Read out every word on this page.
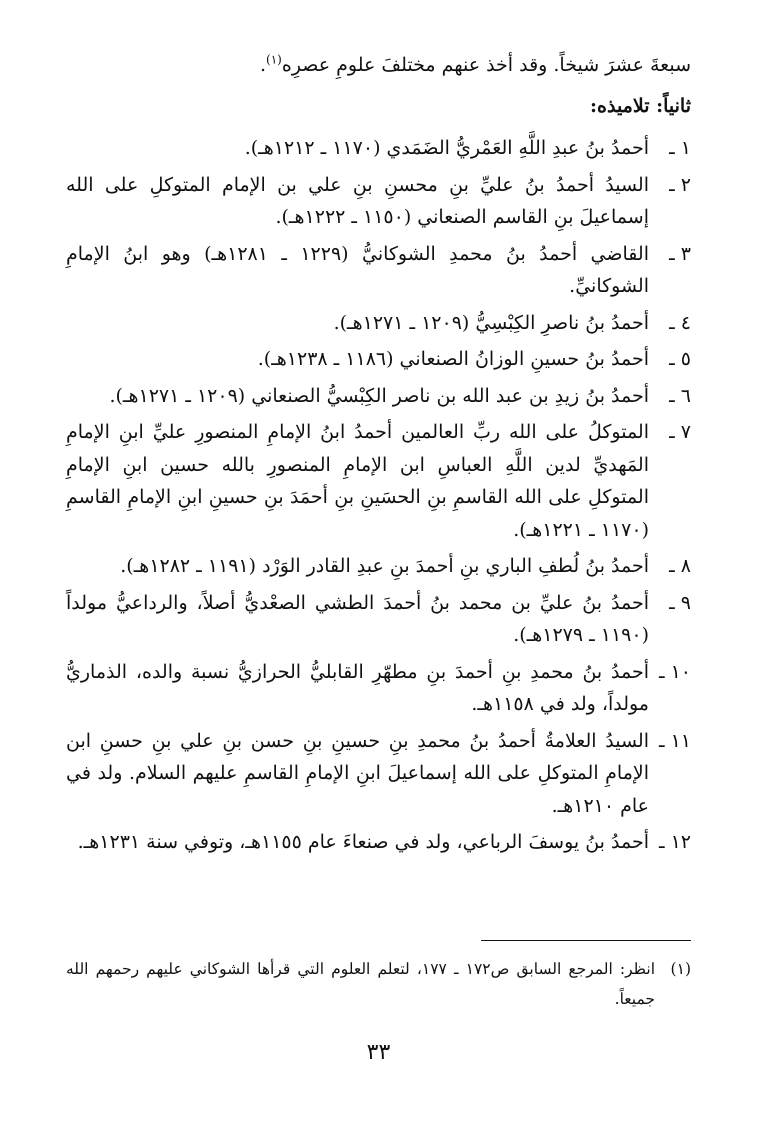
سبعةَ عشرَ شيخاً. وقد أخذ عنهم مختلفَ علومِ عصرِه$^{(١)}$.

ثانياً: تلاميذه:
١ ـ
أحمدُ بنُ عبدِ اللَّهِ العَمْريُّ الضَمَدي (١١٧٠ ـ ١٢١٢هـ).
٢ ـ
السيدُ أحمدُ بنُ عليِّ بنِ محسنِ بنِ علي بن الإمام المتوكلِ على الله إسماعيلَ بنِ القاسم الصنعاني (١١٥٠ ـ ١٢٢٢هـ).
٣ ـ
القاضي أحمدُ بنُ محمدِ الشوكانيُّ (١٢٢٩ ـ ١٢٨١هـ) وهو ابنُ الإمامِ الشوكانيِّ.
٤ ـ
أحمدُ بنُ ناصرِ الكِبْسِيُّ (١٢٠٩ ـ ١٢٧١هـ).
٥ ـ
أحمدُ بنُ حسينِ الوزانُ الصنعاني (١١٨٦ ـ ١٢٣٨هـ).
٦ ـ
أحمدُ بنُ زيدِ بن عبد الله بن ناصر الكِبْسيُّ الصنعاني (١٢٠٩ ـ ١٢٧١هـ).
٧ ـ
المتوكلُ على الله ربِّ العالمين أحمدُ ابنُ الإمامِ المنصورِ عليِّ ابنِ الإمامِ المَهديِّ لدين اللَّهِ العباسِ ابن الإمامِ المنصورِ بالله حسين ابنِ الإمامِ المتوكلِ على الله القاسمِ بنِ الحسَينِ بنِ أحمَدَ بنِ حسينِ ابنِ الإمامِ القاسمِ (١١٧٠ ـ ١٢٢١هـ).
٨ ـ
أحمدُ بنُ لُطفِ الباري بنِ أحمدَ بنِ عبدِ القادر الوَرْد (١١٩١ ـ ١٢٨٢هـ).
٩ ـ
أحمدُ بنُ عليِّ بن محمد بنُ أحمدَ الطشي الصعْديُّ أصلاً، والرداعيُّ مولداً (١١٩٠ ـ ١٢٧٩هـ).
١٠ ـ
أحمدُ بنُ محمدِ بنِ أحمدَ بنِ مطهّرِ القابليُّ الحرازيُّ نسبة والده، الذماريُّ مولداً، ولد في ١١٥٨هـ.
١١ ـ
السيدُ العلامةُ أحمدُ بنُ محمدِ بنِ حسينِ بنِ حسن بنِ علي بنِ حسنِ ابن الإمامِ المتوكلِ على الله إسماعيلَ ابنِ الإمامِ القاسمِ عليهم السلام. ولد في عام ١٢١٠هـ.
١٢ ـ
أحمدُ بنُ يوسفَ الرباعي، ولد في صنعاءَ عام ١١٥٥هـ، وتوفي سنة ١٢٣١هـ.
(١)
انظر: المرجع السابق ص١٧٢ ـ ١٧٧، لتعلم العلوم التي قرأها الشوكاني عليهم رحمهم الله جميعاً.
٣٣
